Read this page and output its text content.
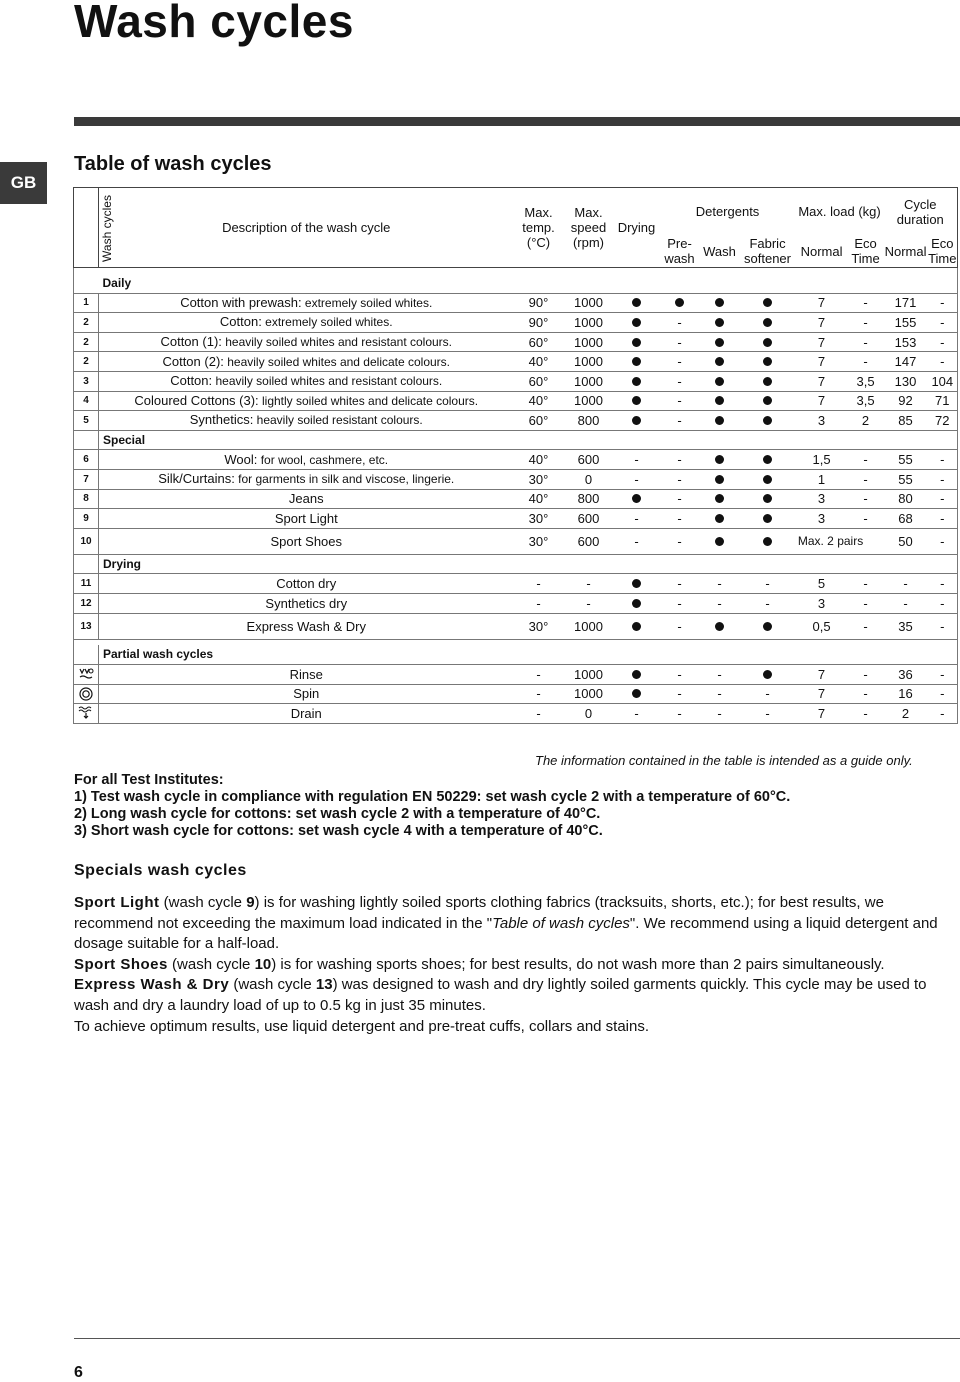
Wash cycles
GB
Table of wash cycles
Wash cycles	Description of the wash cycle	Max. temp. (°C)	Max. speed (rpm)	Drying	Detergents			Max. load (kg)		Cycle duration	
					Pre-wash	Wash	Fabric softener	Normal	Eco Time	Normal	Eco Time

	Daily										
1	Cotton with prewash: extremely soiled whites.	90°	1000					7	-	171	-
2	Cotton: extremely soiled whites.	90°	1000		-			7	-	155	-
2	Cotton (1): heavily soiled whites and resistant colours.	60°	1000		-			7	-	153	-
2	Cotton (2): heavily soiled whites and delicate colours.	40°	1000		-			7	-	147	-
3	Cotton: heavily soiled whites and resistant colours.	60°	1000		-			7	3,5	130	104
4	Coloured Cottons (3): lightly soiled whites and delicate colours.	40°	1000		-			7	3,5	92	71
5	Synthetics: heavily soiled resistant colours.	60°	800		-			3	2	85	72
	Special										
6	Wool: for wool, cashmere, etc.	40°	600	-	-			1,5	-	55	-
7	Silk/Curtains: for garments in silk and viscose, lingerie.	30°	0	-	-			1	-	55	-
8	Jeans	40°	800		-			3	-	80	-
9	Sport Light	30°	600	-	-			3	-	68	-
10	Sport Shoes	30°	600	-	-			Max. 2 pairs		50	-
	Drying										
11	Cotton dry	-	-		-	-	-	5	-	-	-
12	Synthetics dry	-	-		-	-	-	3	-	-	-
13	Express Wash & Dry	30°	1000		-			0,5	-	35	-

	Partial wash cycles										
	Rinse	-	1000		-	-		7	-	36	-
	Spin	-	1000		-	-	-	7	-	16	-
	Drain	-	0	-	-	-	-	7	-	2	-
The information contained in the table is intended as a guide only.
For all Test Institutes:
1) Test wash cycle in compliance with regulation EN 50229: set wash cycle 2 with a temperature of 60°C.
2) Long wash cycle for cottons: set wash cycle 2 with a temperature of 40°C.
3) Short wash cycle for cottons: set wash cycle 4 with a temperature of 40°C.
Specials wash cycles

Sport Light (wash cycle 9) is for washing lightly soiled sports clothing fabrics (tracksuits, shorts, etc.); for best results, we recommend not exceeding the maximum load indicated in the "Table of wash cycles". We recommend using a liquid detergent and dosage suitable for a half-load.

Sport Shoes (wash cycle 10) is for washing sports shoes; for best results, do not wash more than 2 pairs simultaneously.

Express Wash & Dry (wash cycle 13) was designed to wash and dry lightly soiled garments quickly. This cycle may be used to wash and dry a laundry load of up to 0.5 kg in just 35 minutes.

To achieve optimum results, use liquid detergent and pre-treat cuffs, collars and stains.

6
